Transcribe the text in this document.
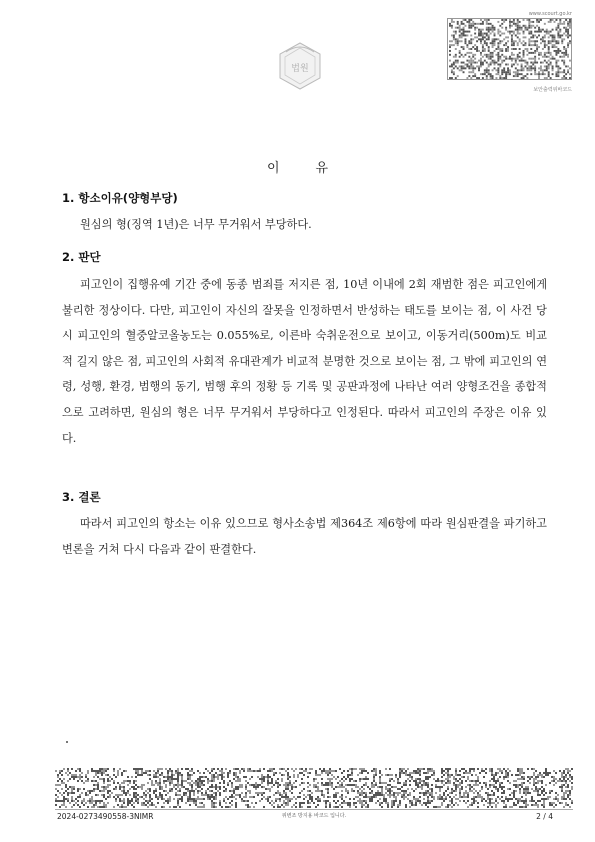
법원
www.scourt.go.kr
보안출력위바코드
이	유
1. 항소이유(양형부당)
원심의 형(징역 1년)은 너무 무거워서 부당하다.
2. 판단
피고인이 집행유예 기간 중에 동종 범죄를 저지른 점, 10년 이내에 2회 재범한 점은 피고인에게 불리한 정상이다. 다만, 피고인이 자신의 잘못을 인정하면서 반성하는 태도를 보이는 점, 이 사건 당시 피고인의 혈중알코올농도는 0.055%로, 이른바 숙취운전으로 보이고, 이동거리(500m)도 비교적 길지 않은 점, 피고인의 사회적 유대관계가 비교적 분명한 것으로 보이는 점, 그 밖에 피고인의 연령, 성행, 환경, 범행의 동기, 범행 후의 정황 등 기록 및 공판과정에 나타난 여러 양형조건을 종합적으로 고려하면, 원심의 형은 너무 무거워서 부당하다고 인정된다. 따라서 피고인의 주장은 이유 있다.
3. 결론
따라서 피고인의 항소는 이유 있으므로 형사소송법 제364조 제6항에 따라 원심판결을 파기하고 변론을 거쳐 다시 다음과 같이 판결한다.
2024-0273490558-3NIMR	위변조 방지용 바코드 입니다.	2 / 4
